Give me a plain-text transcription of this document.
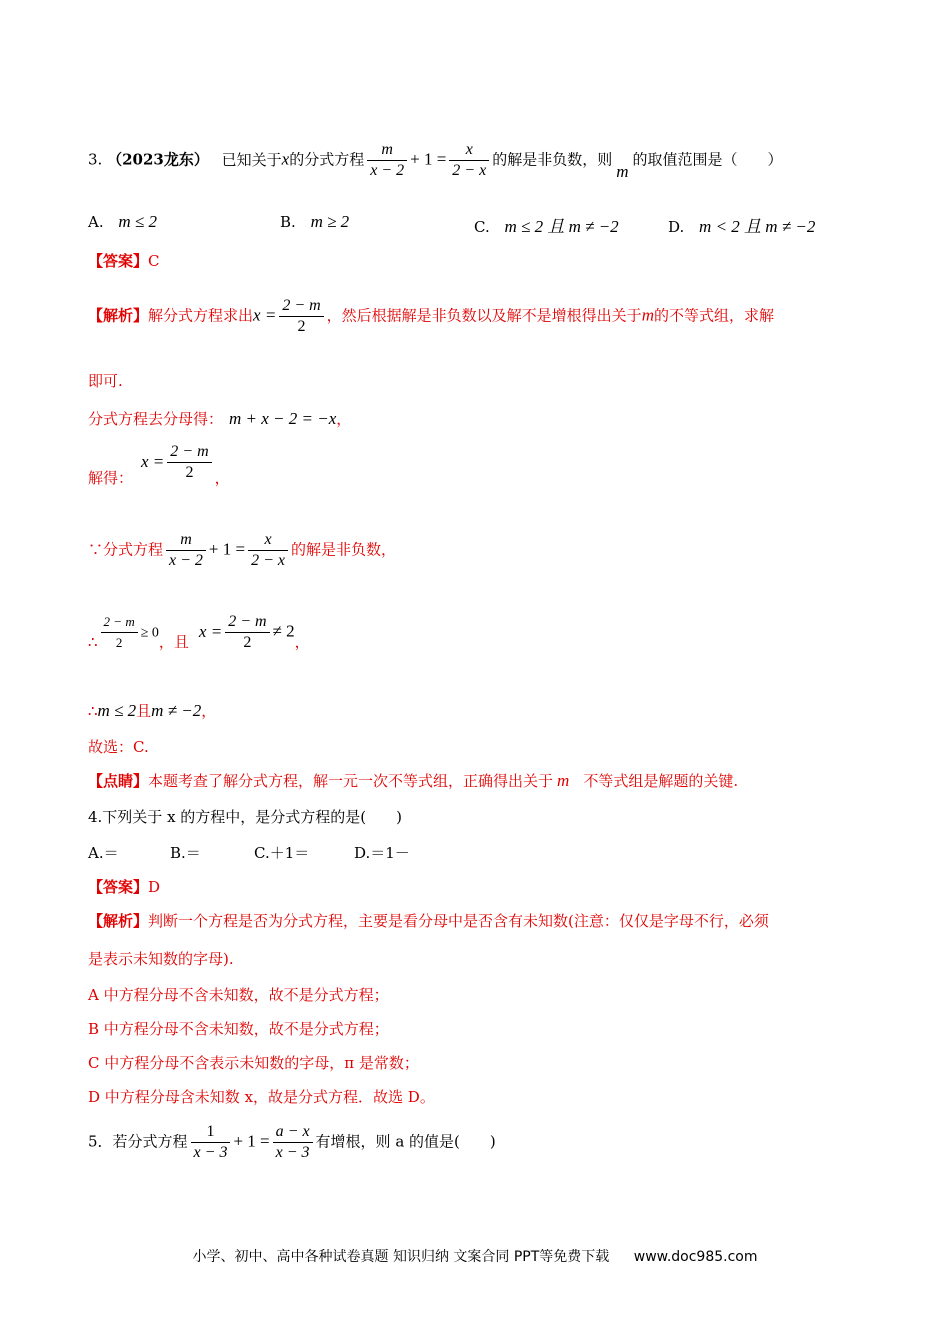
3. （2023龙东） 已知关于x的分式方程 $\frac{m}{x - 2} + 1 = \frac{x}{2 - x}$ 的解是非负数，则m的取值范围是（　　）
A. m ≤ 2	B. m ≥ 2	C. m ≤ 2 且 m ≠ −2	D. m < 2 且 m ≠ −2
【答案】C
【解析】解分式方程求出$x = \frac{2 - m}{2}$ ，然后根据解是非负数以及解不是增根得出关于m的不等式组，求解
即可.
分式方程去分母得： m + x − 2 = −x，
解得：$x = \frac{2 - m}{2}$ ，
∵分式方程 $\frac{m}{x - 2} + 1 = \frac{x}{2 - x}$ 的解是非负数，
∴ $\frac{2 - m}{2} \ge 0$，且$x = \frac{2 - m}{2} \ne 2$，
∴m ≤ 2且m ≠ −2，
故选：C.
【点睛】本题考查了解分式方程，解一元一次不等式组，正确得出关于 m 不等式组是解题的关键.
4.下列关于 x 的方程中，是分式方程的是(　　)
A.＝	B.＝	C.＋1＝	D.＝1－
【答案】D
【解析】判断一个方程是否为分式方程，主要是看分母中是否含有未知数(注意：仅仅是字母不行，必须
是表示未知数的字母).
A 中方程分母不含未知数，故不是分式方程；
B 中方程分母不含未知数，故不是分式方程；
C 中方程分母不含表示未知数的字母，π 是常数；
D 中方程分母含未知数 x，故是分式方程．故选 D。
5．若分式方程 $\frac{1}{x - 3} + 1 = \frac{a - x}{x - 3}$ 有增根，则 a 的值是(　　)
小学、初中、高中各种试卷真题 知识归纳 文案合同 PPT等免费下载 www.doc985.com
